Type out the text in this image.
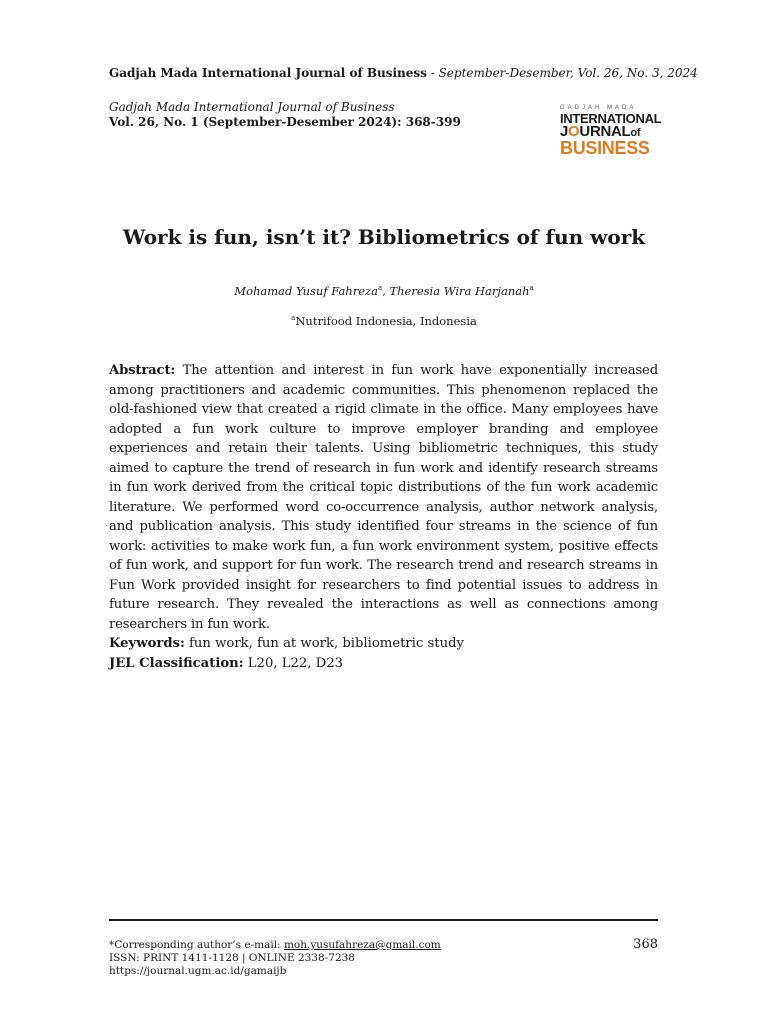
Gadjah Mada International Journal of Business - September-Desember, Vol. 26, No. 3, 2024
Gadjah Mada International Journal of Business
Vol. 26, No. 1 (September-Desember 2024): 368-399
GADJAH MADA
INTERNATIONAL
JOURNALof
BUSINESS
Work is fun, isn’t it? Bibliometrics of fun work
Mohamad Yusuf Fahreza$^a$, Theresia Wira Harjanah$^a$
$^a$Nutrifood Indonesia, Indonesia

Abstract: The attention and interest in fun work have exponentially increased among practitioners and academic communities. This phenomenon replaced the old-fashioned view that created a rigid climate in the office. Many employees have adopted a fun work culture to improve employer branding and employee experiences and retain their talents. Using bibliometric techniques, this study aimed to capture the trend of research in fun work and identify research streams in fun work derived from the critical topic distributions of the fun work academic literature. We performed word co-occurrence analysis, author network analysis, and publication analysis. This study identified four streams in the science of fun work: activities to make work fun, a fun work environment system, positive effects of fun work, and support for fun work. The research trend and research streams in Fun Work provided insight for researchers to find potential issues to address in future research. They revealed the interactions as well as connections among researchers in fun work.

Keywords: fun work, fun at work, bibliometric study
JEL Classification: L20, L22, D23
*Corresponding author’s e-mail: moh.yusufahreza@gmail.com
ISSN: PRINT 1411-1128 | ONLINE 2338-7238
https://journal.ugm.ac.id/gamaijb
368
